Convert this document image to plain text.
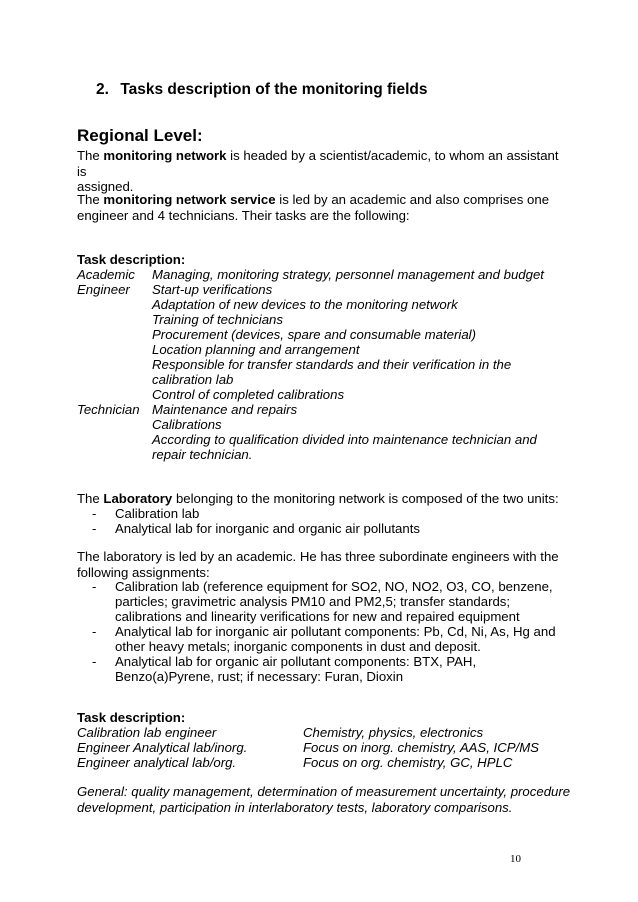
2. Tasks description of the monitoring fields
Regional Level:
The monitoring network is headed by a scientist/academic, to whom an assistant is
assigned.
The monitoring network service is led by an academic and also comprises one
engineer and 4 technicians. Their tasks are the following:
Task description:
Academic Managing, monitoring strategy, personnel management and budget
Engineer Start-up verifications
Adaptation of new devices to the monitoring network
Training of technicians
Procurement (devices, spare and consumable material)
Location planning and arrangement
Responsible for transfer standards and their verification in the
calibration lab
Control of completed calibrations
Technician Maintenance and repairs
Calibrations
According to qualification divided into maintenance technician and
repair technician.
The Laboratory belonging to the monitoring network is composed of the two units:
- Calibration lab
- Analytical lab for inorganic and organic air pollutants
The laboratory is led by an academic. He has three subordinate engineers with the
following assignments:
- Calibration lab (reference equipment for SO2, NO, NO2, O3, CO, benzene,
particles; gravimetric analysis PM10 and PM2,5; transfer standards;
calibrations and linearity verifications for new and repaired equipment
- Analytical lab for inorganic air pollutant components: Pb, Cd, Ni, As, Hg and
other heavy metals; inorganic components in dust and deposit.
- Analytical lab for organic air pollutant components: BTX, PAH,
Benzo(a)Pyrene, rust; if necessary: Furan, Dioxin
Task description:
Calibration lab engineer	Chemistry, physics, electronics
Engineer Analytical lab/inorg.	Focus on inorg. chemistry, AAS, ICP/MS
Engineer analytical lab/org.	Focus on org. chemistry, GC, HPLC
General: quality management, determination of measurement uncertainty, procedure
development, participation in interlaboratory tests, laboratory comparisons.
10
